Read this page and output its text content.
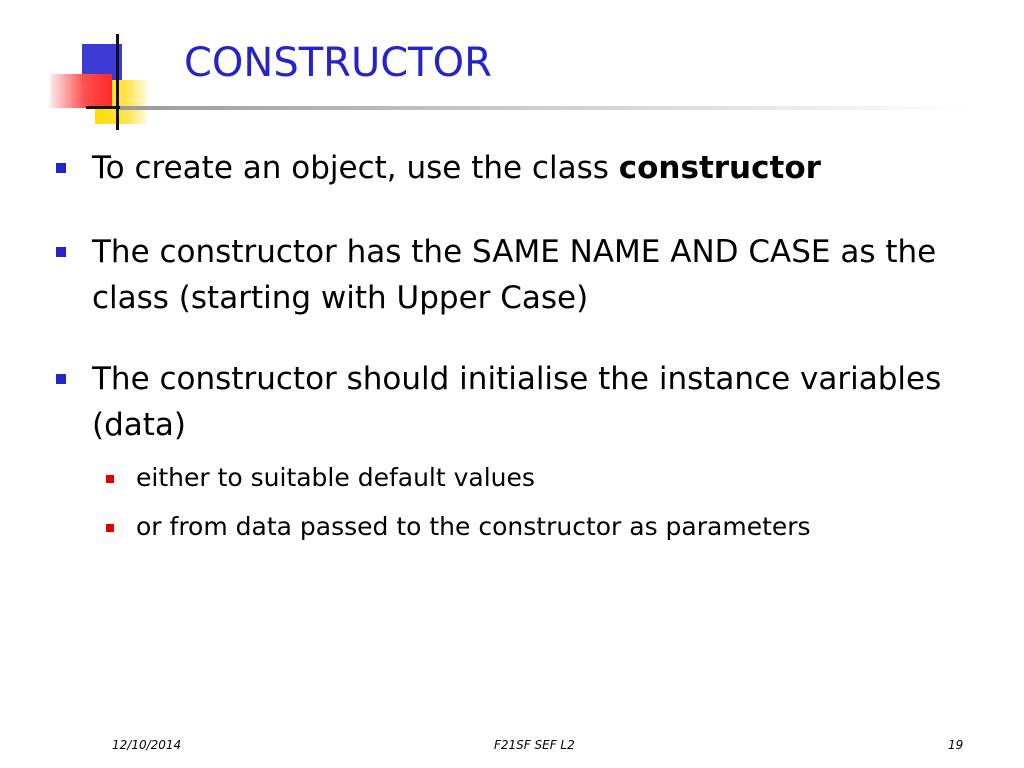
CONSTRUCTOR
To create an object, use the class constructor
The constructor has the SAME NAME AND CASE as the class (starting with Upper Case)
The constructor should initialise the instance variables (data)
either to suitable default values
or from data passed to the constructor as parameters
12/10/2014	F21SF SEF L2	19
